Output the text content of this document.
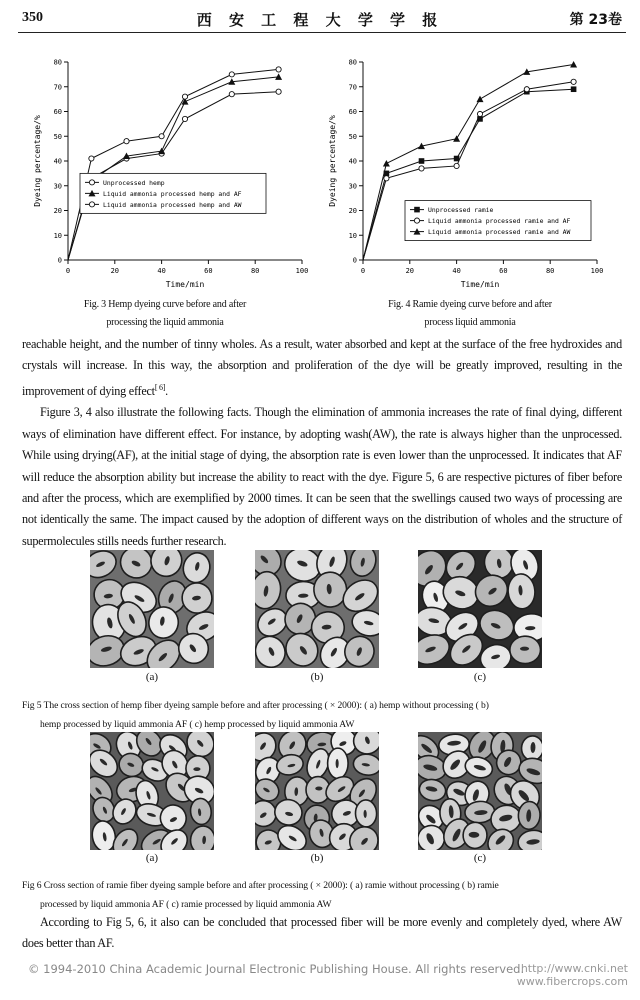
350	西 安 工 程 大 学 学 报	第 23卷
0	20	40	60	80	100
0
10
20
30
40
50
60
70
80
Time/min
Dyeing percentage/%	Unprocessed hemp
Liquid ammonia processed hemp and AF
Liquid ammonia processed hemp and AW
0	20	40	60	80	100
0
10
20
30
40
50
60
70
80
Time/min
Dyeing percentage/%
Unprocessed ramie
Liquid ammonia processed ramie and AF
Liquid ammonia processed ramie and AW
Fig. 3 Hemp dyeing curve before and after
processing the liquid ammonia
Fig. 4 Ramie dyeing curve before and after
process liquid ammonia

reachable height, and the number of tinny wholes. As a result, water absorbed and kept at the surface of the free hydroxides and crystals will increase. In this way, the absorption and proliferation of the dye will be greatly improved, resulting in the improvement of dying effect[ 6].

Figure 3, 4 also illustrate the following facts. Though the elimination of ammonia increases the rate of final dying, different ways of elimination have different effect. For instance, by adopting wash(AW), the rate is always higher than the unprocessed. While using drying(AF), at the initial stage of dying, the absorption rate is even lower than the unprocessed. It indicates that AF will reduce the absorption ability but increase the ability to react with the dye. Figure 5, 6 are respective pictures of fiber before and after the process, which are exemplified by 2000 times. It can be seen that the swellings caused two ways of processing are not identically the same. The impact caused by the adoption of different ways on the distribution of wholes and the structure of supermolecules stills needs further research.

(a)	(b)	(c)
Fig 5 The cross section of hemp fiber dyeing sample before and after processing ( × 2000): ( a) hemp without processing ( b)
hemp processed by liquid ammonia AF ( c) hemp processed by liquid ammonia AW
(a)	(b)	(c)
Fig 6 Cross section of ramie fiber dyeing sample before and after processing ( × 2000): ( a) ramie without processing ( b) ramie
processed by liquid ammonia AF ( c) ramie processed by liquid ammonia AW

According to Fig 5, 6, it also can be concluded that processed fiber will be more evenly and completely dyed, where AW does better than AF.

© 1994-2010 China Academic Journal Electronic Publishing House. All rights reserved.
http://www.cnki.net
www.fibercrops.com
